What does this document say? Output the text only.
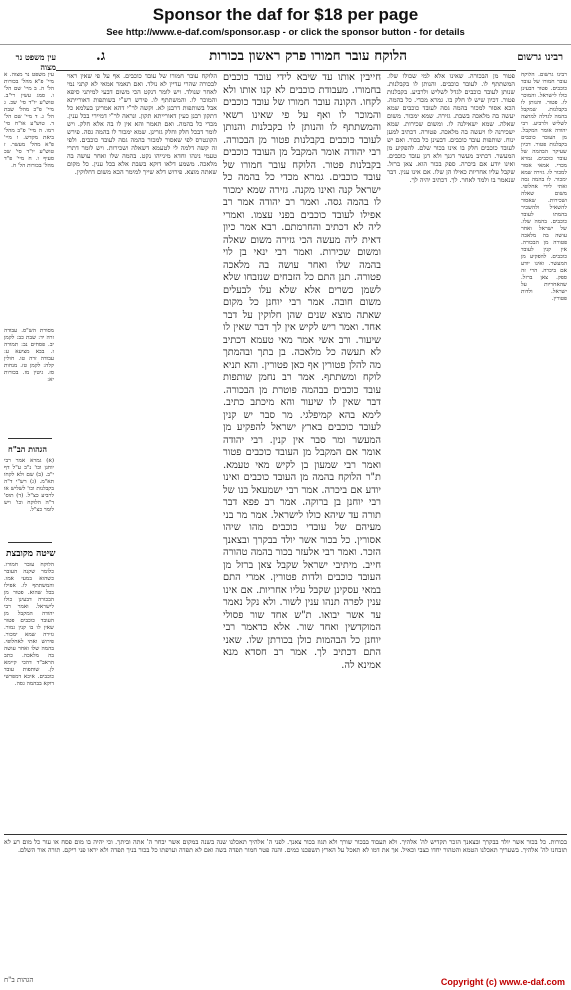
Sponsor the daf for $18 per page
See http://www.e-daf.com/sponsor.asp - or click the sponsor button - for details
רבינו גרשום
הלוקח עובר חמורו פרק ראשון בכורות
ג.
עין משפט נר מצוה
רבינו גרשום. הלוקח עובר חמורו של עובד כוכבים. פטור דבעינן כולו לישראל. והמוכר לו. פטור. והנותן לו בקבלנות. שמקבל בהמה לגדלה למחצה לשליש ולרביע. רבי יהודה אומר המקבל. מן העובד כוכבים בקבלנות פטור. דכיון שעיקר הבהמה של עובד כוכבים. גמרא מכדי. אמאי אסור למכור לו. גזירה שמא ימכור. לו בהמה גסה ואתי לידי אחלופי. משום שאלה ושכירות. שאסור להשאיל ולהשכיר בהמתו לעובד כוכבים. בהמה שלו. של ישראל ואחר עושה בה מלאכה פטורה מן הבכורה. אין קנין לעובד כוכבים. להפקיע מן המעשר. ואינו יודע אם ביכרה. הרי זה ספק. צאן ברזל. שהאחריות על ישראל. ולדות פטורין.
פטור מן הבכורה. שאינו אלא למי שכולו שלו. המשתתף לו. לעובד כוכבים. והנותן לו בקבלנות. שנותן לעובד כוכבים לגדל לשליש ולרביע. בקבלנות פטור. דכיון שיש לו חלק בו. גמרא מכדי. כל בהמה. הכא אסור למכור בהמה גסה לעובד כוכבים שמא יעשה בה מלאכה בשבת. גזירה. שמא ימכור. משום שאלה. שמא ישאילנה לו. ומשום שכירות. שמא ישכירנה לו ויעשה בה מלאכה. פטורה. דכתיב למען ינוח. שותפות עובד כוכבים. דבעינן כל בכור. ואם יש לעובד כוכבים חלק בו אינו בכור שלם. להפקיע מן המעשר. דכתיב מעשר דגנך ולא דגן עובד כוכבים. ואינו יודע אם ביכרה. ספק בכור הוא. צאן ברזל. שקבל עליו אחריות כאילו הן שלו. אם אינו ענין. דבר שנאמר בו ולמד לאחר. לך. דכתיב יהיה לך.
חייבין אותו עד שיבא לידי עובד כוכבים בחמורו. מעבודת כוכבים לא קנו אותו ולא לקחו. הקונה עובר חמורו של עובד כוכבים והמוכר לו ואף על פי שאינו רשאי והמשתתף לו והנותן לו בקבלנות והנותן לעובד כוכבים בקבלנות פטור מן הבכורה. רבי יהודה אומר המקבל מן העובד כוכבים בקבלנות פטור. הלוקח עובר חמורו של עובד כוכבים. גמרא מכדי כל בהמה כל ישראל קנה ואינו מקנה. גזירה שמא ימכור לו בהמה גסה. ואמר רב יהודה אמר רב אפילו לעובד כוכבים בפני עצמו. ואמרי ליה לא דכתיב והחרמתם. רבא אמר כיון דאית ליה מעשה הכי גזירה משום שאלה ומשום שכירות. ואמר רבי ינאי בן לוי בהמה שלו ואחר עושה בה מלאכה פטורה. תנן התם כל הזבחים שנזבחו שלא לשמן כשרים אלא שלא עלו לבעלים משום חובה. אמר רבי יוחנן כל מקום שאתה מוצא שנים שהן חלוקין על דבר אחד. ואמר ריש לקיש אין לך דבר שאין לו שיעור. ורב אשי אמר מאי טעמא דכתיב לא תעשה כל מלאכה. בן בתך ובהמתך מה להלן פטורין אף כאן פטורין. והא תניא לוקח ומשתתף. אמר רב נחמן שותפות עובד כוכבים בבהמה פוטרת מן הבכורה. דבר שאין לו שיעור והא מיכתב כתיב. לימא בהא קמיפלגי. מר סבר יש קנין לעובד כוכבים בארץ ישראל להפקיע מן המעשר ומר סבר אין קנין. רבי יהודה אומר אם המקבל מן העובד כוכבים פטור ואמר רבי שמעון בן לקיש מאי טעמא. ת"ר הלוקח בהמה מן העובד כוכבים ואינו יודע אם ביכרה. אמר רבי ישמעאל בנו של רבי יוחנן בן ברוקה. אמר רב פפא דבר תורה עד שיהא כולו לישראל. אמר מר בני מעיהם של עובדי כוכבים מהו שיהו אסורין. כל בכור אשר יולד בבקרך ובצאנך הזכר. ואמר רבי אלעזר בכור בהמה טהורה חייב. מיתיבי ישראל שקבל צאן ברזל מן העובד כוכבים ולדות פטורין. אמרי התם במאי עסקינן שקבל עליו אחריות. אם אינו ענין לפרה תנהו ענין לשור. ולא נקל נאמר עד אשר יבואו. ת"ש אחד שור פסולי המוקדשין ואחד שור. אלא כדאמר רבי יוחנן כל הבהמות כולן בכורתן שלו. שאני התם דכתיב לך. אמר רב חסדא מנא אמינא לה.
הלוקח עובר חמורו של עובד כוכבים. אף על פי שאין ראוי לבכורה שהרי עדיין לא נולד. ואם תאמר אמאי לא קתני נמי לאחר שנולד. ויש לומר דנקט הכי משום דבעי למיתני סיפא והמוכר לו. והמשתתף לו. פירש רש"י בשותפות דאורייתא אבל בשותפות דרבנן לא. וקשה לר"י דהא אמרינן בעלמא כל דתקון רבנן כעין דאורייתא תקון. ונראה לר"י דמיירי בכל ענין. מכדי כל בהמה. ואם תאמר והא אין לו בה אלא חלק. ויש לומר דבכל חלק וחלק גזרינן. שמא ימכור לו בהמה גסה. פירש הקונטרס לפי שאסור למכור בהמה גסה לעובד כוכבים. ולפי זה קשה דלמה לי לטעמא דשאלה ושכירות. ויש לומר דתרי טעמי נינהו וחדא מינייהו נקט. בהמה שלו ואחר עושה בה מלאכה. משמע דלאו דוקא בשבת אלא בכל ענין. כל מקום שאתה מוצא. פירוש דלא שייך למימר הכא משום דחלוקין.
עין משפט נר מצוה. א מיי' פ"א מהל' בכורות הל' ה. ב מיי' שם הל' ו. סמג עשין רי"ב. טוש"ע יו"ד סי' שכ. ג מיי' פ"כ מהל' שבת הל' ג. ד מיי' שם הל' ד. טוש"ע או"ח סי' רמו. ה מיי' פ"ב מהל' ביאת מקדש. ו מיי' פ"א מהל' מעשר. ז טוש"ע יו"ד סי' שכ סעיף ו. ח מיי' פ"ד מהל' בכורות הל' ח.
מסורת הש"ס. עבודה זרה יד: שבת כב: לקמן יב. פסחים נב: תמורה ז. בבא מציעא ע: עבודה זרה טו. חולין קלה: לקמן טז. מנחות סז. גיטין מז. בכורות יא:
הגהות הב"ח
(א) גמרא אמר רבי יוחנן וכו' נ"ב ע"ל דף י"ב. (ב) שם ולא לקחו תא"מ. (ג) רש"י ד"ה בקבלנות וכו' לשליש או לרביע כצ"ל. (ד) תוס' ד"ה הלוקח וכו' ויש לומר כצ"ל.
שיטה מקובצת
הלוקח עובר חמורו. כלומר שקנה העובר כשהוא במעי אמו. והמשתתף לו. אפילו בכל שהוא. פטור מן הבכורה דבעינן כולו לישראל. ואמר רבי יהודה המקבל מן העובד כוכבים פטור שאין לו בו קנין גמור. גזירה שמא ימכור. פירוש ואתי לאחלופי. בהמה שלו ואחר עושה בה מלאכה. כתב הראב"ד דהכי קיימא לן. שותפות עובד כוכבים. איכא דמפרשי דוקא בבהמה גסה.
בכורות. כל בכור אשר יולד בבקרך ובצאנך הזכר תקדיש לה' אלהיך. ולא תעבוד בבכור שורך ולא תגוז בכור צאנך. לפני ה' אלהיך תאכלנו שנה בשנה במקום אשר יבחר ה' אתה וביתך. וכי יהיה בו מום פסח או עור כל מום רע לא תזבחנו לה' אלהיך. בשעריך תאכלנו הטמא והטהור יחדו כצבי וכאיל. אך את דמו לא תאכל על הארץ תשפכנו כמים. והנה פטר חמור תפדה בשה ואם לא תפדה וערפתו כל בכור בניך תפדה ולא יראו פני ריקם. תורה אור השלם.
הגהות ב"ח	Copyright (c) www.e-daf.com
